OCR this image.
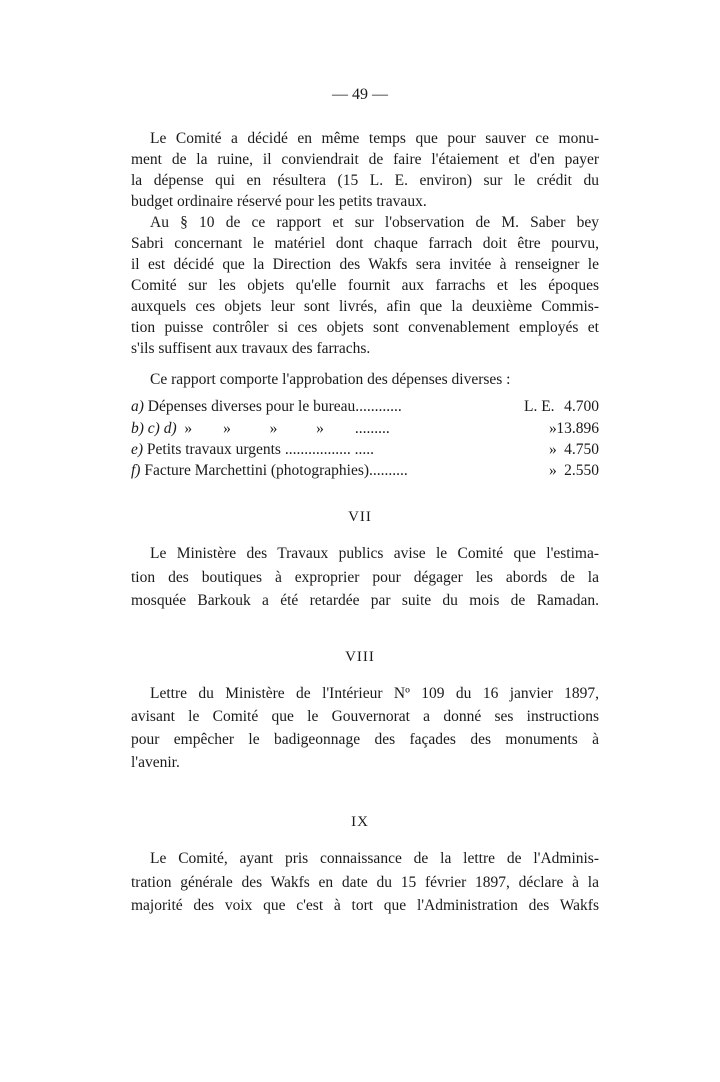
— 49 —
Le Comité a décidé en même temps que pour sauver ce monu-
ment de la ruine, il conviendrait de faire l'étaiement et d'en payer
la dépense qui en résultera (15 L. E. environ) sur le crédit du
budget ordinaire réservé pour les petits travaux.
Au § 10 de ce rapport et sur l'observation de M. Saber bey
Sabri concernant le matériel dont chaque farrach doit être pourvu,
il est décidé que la Direction des Wakfs sera invitée à renseigner le
Comité sur les objets qu'elle fournit aux farrachs et les époques
auxquels ces objets leur sont livrés, afin que la deuxième Commis-
tion puisse contrôler si ces objets sont convenablement employés et
s'ils suffisent aux travaux des farrachs.
Ce rapport comporte l'approbation des dépenses diverses :
a) Dépenses diverses pour le bureau............	L. E. 4.700
b) c) d)  »        »          »          »        .........	» 13.896
e) Petits travaux urgents ................. .....	» 4.750
f) Facture Marchettini (photographies)..........	» 2.550
VII
Le Ministère des Travaux publics avise le Comité que l'estima-
tion des boutiques à exproprier pour dégager les abords de la
mosquée Barkouk a été retardée par suite du mois de Ramadan.
VIII
Lettre du Ministère de l'Intérieur Nº 109 du 16 janvier 1897,
avisant le Comité que le Gouvernorat a donné ses instructions
pour empêcher le badigeonnage des façades des monuments à
l'avenir.
IX
Le Comité, ayant pris connaissance de la lettre de l'Adminis-
tration générale des Wakfs en date du 15 février 1897, déclare à la
majorité des voix que c'est à tort que l'Administration des Wakfs
